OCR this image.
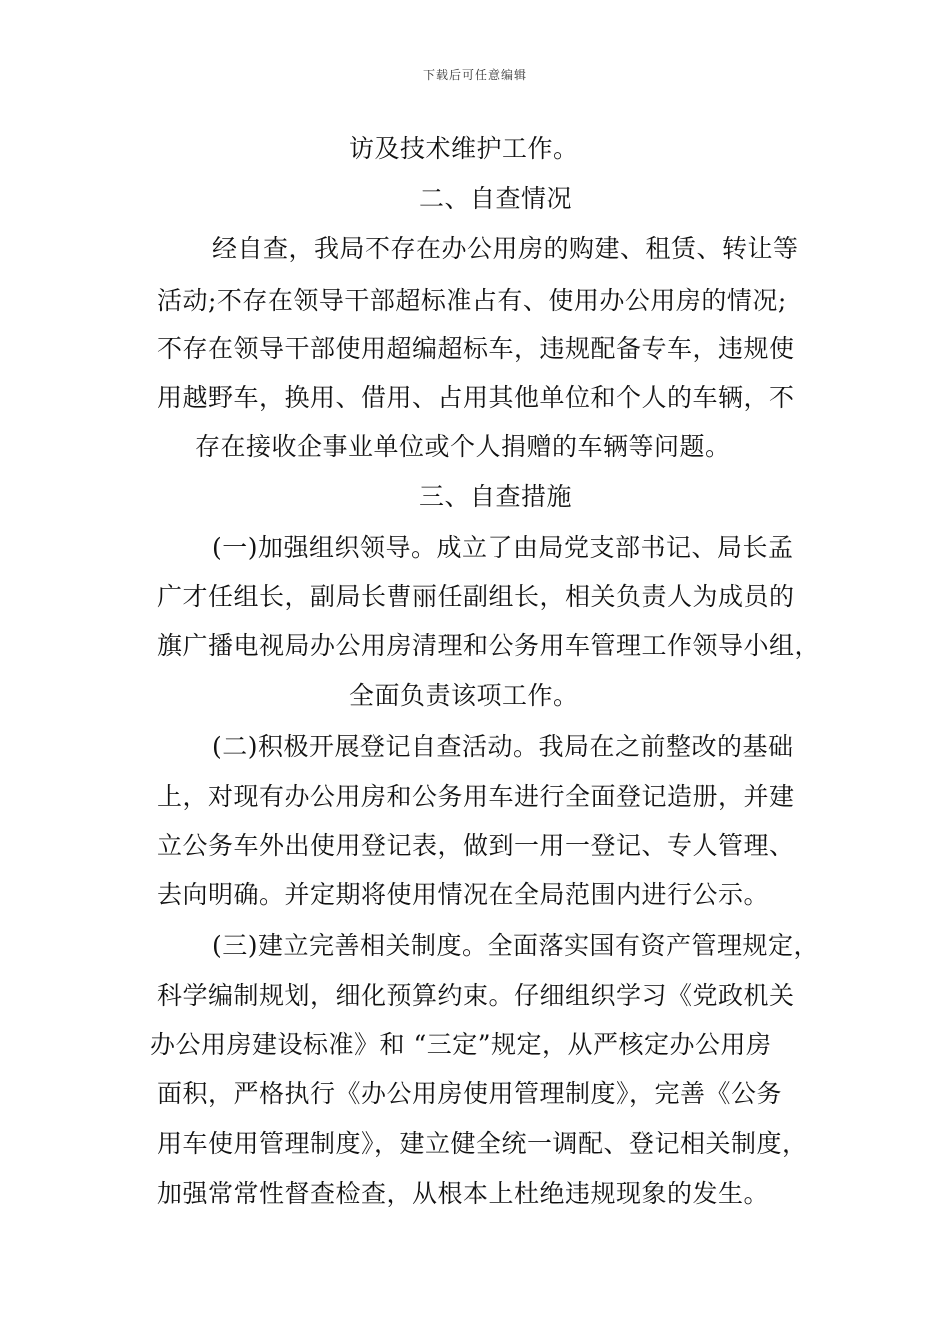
下载后可任意编辑
访及技术维护工作。
二、自查情况
经自查，我局不存在办公用房的购建、租赁、转让等
活动;不存在领导干部超标准占有、使用办公用房的情况;
不存在领导干部使用超编超标车，违规配备专车，违规使
用越野车，换用、借用、占用其他单位和个人的车辆，不
存在接收企事业单位或个人捐赠的车辆等问题。
三、自查措施
(一)加强组织领导。成立了由局党支部书记、局长孟
广才任组长，副局长曹丽任副组长，相关负责人为成员的
旗广播电视局办公用房清理和公务用车管理工作领导小组，
全面负责该项工作。
(二)积极开展登记自查活动。我局在之前整改的基础
上，对现有办公用房和公务用车进行全面登记造册，并建
立公务车外出使用登记表，做到一用一登记、专人管理、
去向明确。并定期将使用情况在全局范围内进行公示。
(三)建立完善相关制度。全面落实国有资产管理规定，
科学编制规划，细化预算约束。仔细组织学习《党政机关
办公用房建设标准》和 “三定”规定，从严核定办公用房
面积，严格执行《办公用房使用管理制度》，完善《公务
用车使用管理制度》，建立健全统一调配、登记相关制度，
加强常常性督查检查，从根本上杜绝违规现象的发生。
